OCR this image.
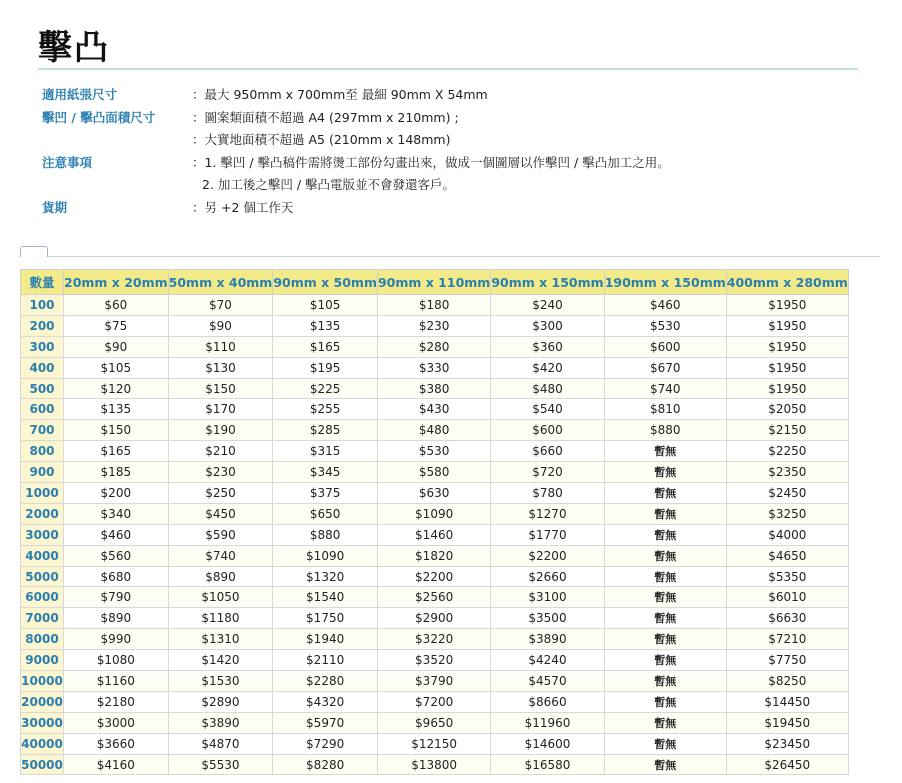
擊凸
適用紙張尺寸	：最大 950mm x 700mm至 最細 90mm X 54mm
擊凹 / 擊凸面積尺寸	：圖案類面積不超過 A4 (297mm x 210mm) ;
：大實地面積不超過 A5 (210mm x 148mm)
注意事項	：1. 擊凹 / 擊凸稿件需將燙工部份勾畫出來，做成一個圖層以作擊凹 / 擊凸加工之用。
2. 加工後之擊凹 / 擊凸電版並不會發還客戶。
貨期	：另 +2 個工作天
數量	20mm x 20mm	50mm x 40mm	90mm x 50mm	90mm x 110mm	90mm x 150mm	190mm x 150mm	400mm x 280mm
100	$60	$70	$105	$180	$240	$460	$1950
200	$75	$90	$135	$230	$300	$530	$1950
300	$90	$110	$165	$280	$360	$600	$1950
400	$105	$130	$195	$330	$420	$670	$1950
500	$120	$150	$225	$380	$480	$740	$1950
600	$135	$170	$255	$430	$540	$810	$2050
700	$150	$190	$285	$480	$600	$880	$2150
800	$165	$210	$315	$530	$660	暫無	$2250
900	$185	$230	$345	$580	$720	暫無	$2350
1000	$200	$250	$375	$630	$780	暫無	$2450
2000	$340	$450	$650	$1090	$1270	暫無	$3250
3000	$460	$590	$880	$1460	$1770	暫無	$4000
4000	$560	$740	$1090	$1820	$2200	暫無	$4650
5000	$680	$890	$1320	$2200	$2660	暫無	$5350
6000	$790	$1050	$1540	$2560	$3100	暫無	$6010
7000	$890	$1180	$1750	$2900	$3500	暫無	$6630
8000	$990	$1310	$1940	$3220	$3890	暫無	$7210
9000	$1080	$1420	$2110	$3520	$4240	暫無	$7750
10000	$1160	$1530	$2280	$3790	$4570	暫無	$8250
20000	$2180	$2890	$4320	$7200	$8660	暫無	$14450
30000	$3000	$3890	$5970	$9650	$11960	暫無	$19450
40000	$3660	$4870	$7290	$12150	$14600	暫無	$23450
50000	$4160	$5530	$8280	$13800	$16580	暫無	$26450
